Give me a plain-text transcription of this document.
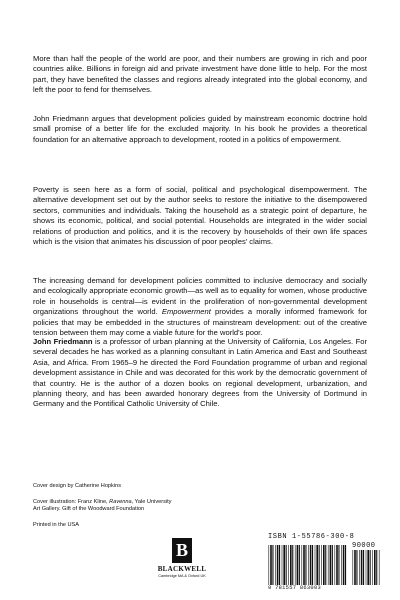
More than half the people of the world are poor, and their numbers are growing in rich and poor countries alike. Billions in foreign aid and private investment have done little to help. For the most part, they have benefited the classes and regions already integrated into the global economy, and left the poor to fend for themselves.

John Friedmann argues that development policies guided by mainstream economic doctrine hold small promise of a better life for the excluded majority. In his book he provides a theoretical foundation for an alternative approach to development, rooted in a politics of empowerment.

Poverty is seen here as a form of social, political and psychological disempowerment. The alternative development set out by the author seeks to restore the initiative to the disempowered sectors, communities and individuals. Taking the household as a strategic point of departure, he shows its economic, political, and social potential. Households are integrated in the wider social relations of production and politics, and it is the recovery by households of their own life spaces which is the vision that animates his discussion of poor peoples' claims.

The increasing demand for development policies committed to inclusive democracy and socially and ecologically appropriate economic growth—as well as to equality for women, whose productive role in households is central—is evident in the proliferation of non-governmental development organizations throughout the world. Empowerment provides a morally informed framework for policies that may be embedded in the structures of mainstream development: out of the creative tension between them may come a viable future for the world's poor.

John Friedmann is a professor of urban planning at the University of California, Los Angeles. For several decades he has worked as a planning consultant in Latin America and East and Southeast Asia, and Africa. From 1965–9 he directed the Ford Foundation programme of urban and regional development assistance in Chile and was decorated for this work by the democratic government of that country. He is the author of a dozen books on regional development, urbanization, and planning theory, and has been awarded honorary degrees from the University of Dortmund in Germany and the Pontifical Catholic University of Chile.

Cover design by Catherine Hopkins

Cover illustration: Franz Kline, Ravenna, Yale University
Art Gallery. Gift of the Woodward Foundation

Printed in the USA

B
BLACKWELL
Cambridge MA & Oxford UK
ISBN 1-55786-300-8
90000
9 781557 863003
